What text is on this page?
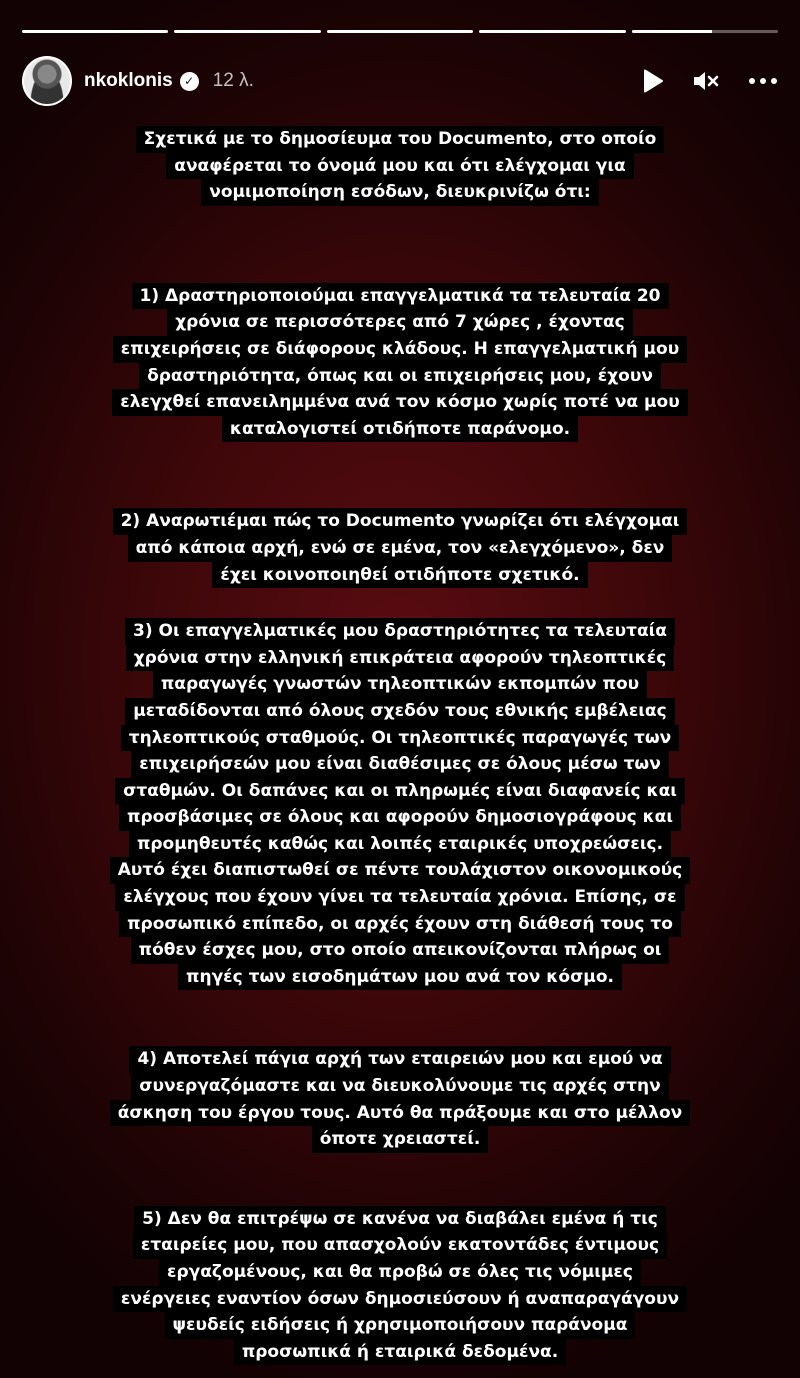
nkoklonis ✓ 12 λ.
Σχετικά με το δημοσίευμα του Documento, στο οποίο
αναφέρεται το όνομά μου και ότι ελέγχομαι για
νομιμοποίηση εσόδων, διευκρινίζω ότι:
1) Δραστηριοποιούμαι επαγγελματικά τα τελευταία 20
χρόνια σε περισσότερες από 7 χώρες , έχοντας
επιχειρήσεις σε διάφορους κλάδους. Η επαγγελματική μου
δραστηριότητα, όπως και οι επιχειρήσεις μου, έχουν
ελεγχθεί επανειλημμένα ανά τον κόσμο χωρίς ποτέ να μου
καταλογιστεί οτιδήποτε παράνομο.
2) Αναρωτιέμαι πώς το Documento γνωρίζει ότι ελέγχομαι
από κάποια αρχή, ενώ σε εμένα, τον «ελεγχόμενο», δεν
έχει κοινοποιηθεί οτιδήποτε σχετικό.
3) Οι επαγγελματικές μου δραστηριότητες τα τελευταία
χρόνια στην ελληνική επικράτεια αφορούν τηλεοπτικές
παραγωγές γνωστών τηλεοπτικών εκπομπών που
μεταδίδονται από όλους σχεδόν τους εθνικής εμβέλειας
τηλεοπτικούς σταθμούς. Οι τηλεοπτικές παραγωγές των
επιχειρήσεών μου είναι διαθέσιμες σε όλους μέσω των
σταθμών. Οι δαπάνες και οι πληρωμές είναι διαφανείς και
προσβάσιμες σε όλους και αφορούν δημοσιογράφους και
προμηθευτές καθώς και λοιπές εταιρικές υποχρεώσεις.
Αυτό έχει διαπιστωθεί σε πέντε τουλάχιστον οικονομικούς
ελέγχους που έχουν γίνει τα τελευταία χρόνια. Επίσης, σε
προσωπικό επίπεδο, οι αρχές έχουν στη διάθεσή τους το
πόθεν έσχες μου, στο οποίο απεικονίζονται πλήρως οι
πηγές των εισοδημάτων μου ανά τον κόσμο.
4) Αποτελεί πάγια αρχή των εταιρειών μου και εμού να
συνεργαζόμαστε και να διευκολύνουμε τις αρχές στην
άσκηση του έργου τους. Αυτό θα πράξουμε και στο μέλλον
όποτε χρειαστεί.
5) Δεν θα επιτρέψω σε κανένα να διαβάλει εμένα ή τις
εταιρείες μου, που απασχολούν εκατοντάδες έντιμους
εργαζομένους, και θα προβώ σε όλες τις νόμιμες
ενέργειες εναντίον όσων δημοσιεύσουν ή αναπαραγάγουν
ψευδείς ειδήσεις ή χρησιμοποιήσουν παράνομα
προσωπικά ή εταιρικά δεδομένα.
